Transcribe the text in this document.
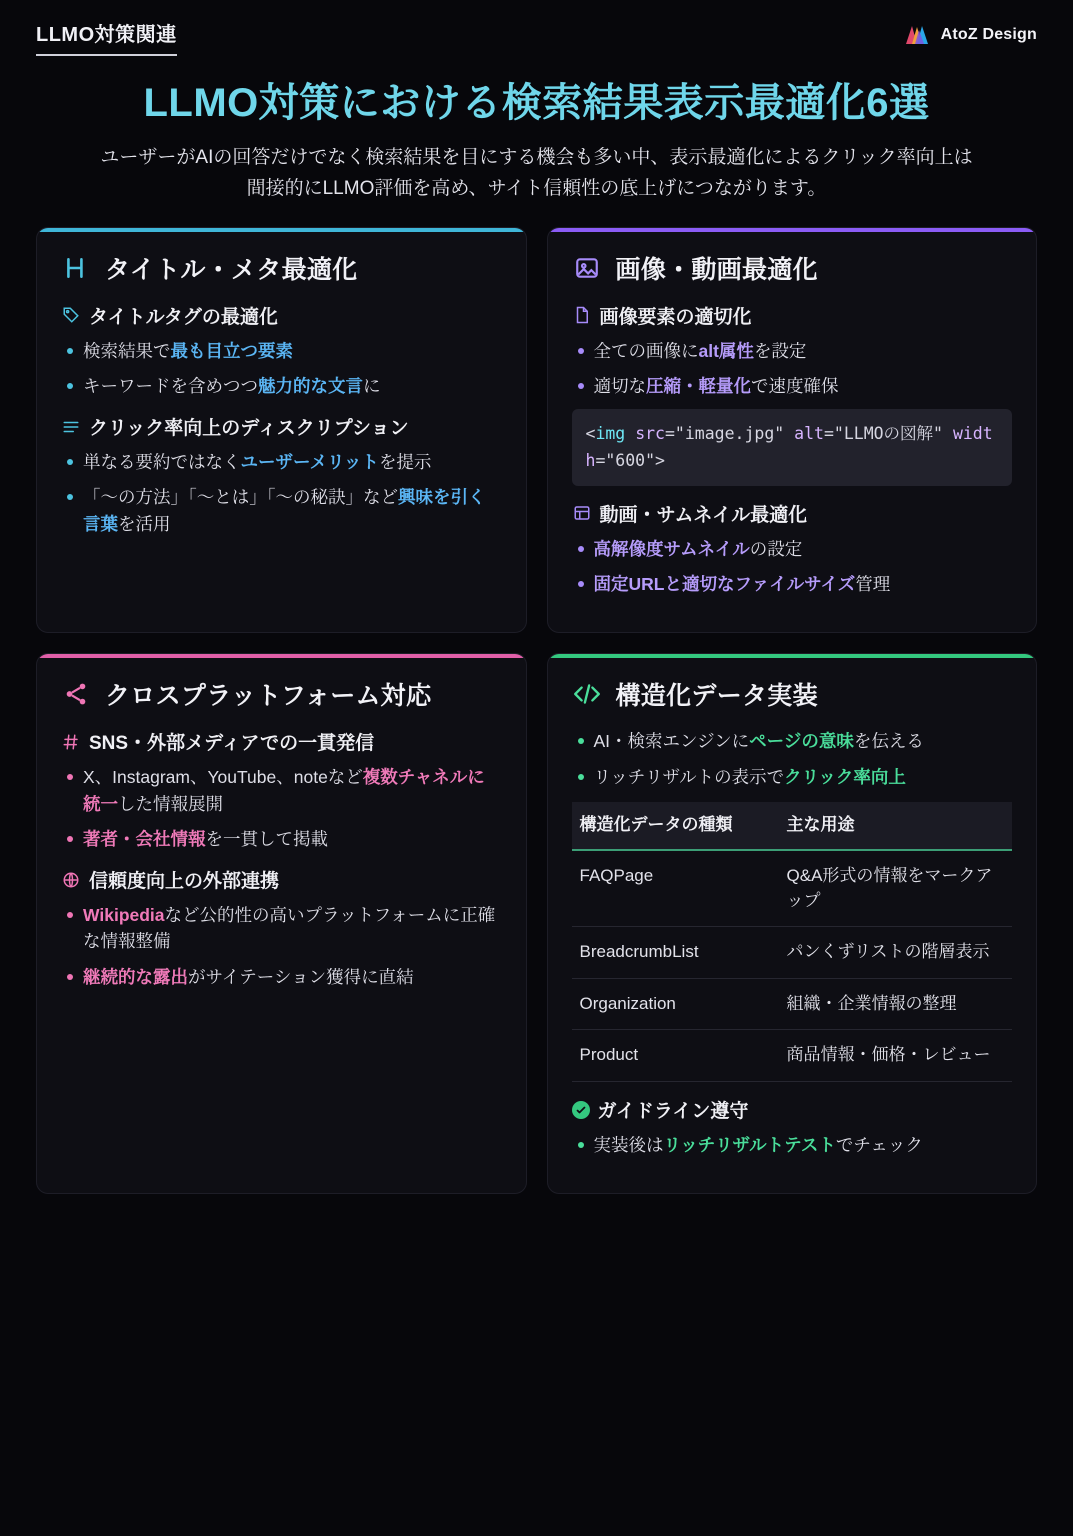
LLMO対策関連	AtoZ Design
LLMO対策における検索結果表示最適化6選
ユーザーがAIの回答だけでなく検索結果を目にする機会も多い中、表示最適化によるクリック率向上は
間接的にLLMO評価を高め、サイト信頼性の底上げにつながります。
タイトル・メタ最適化
タイトルタグの最適化
検索結果で最も目立つ要素
キーワードを含めつつ魅力的な文言に
クリック率向上のディスクリプション
単なる要約ではなくユーザーメリットを提示
「〜の方法」「〜とは」「〜の秘訣」など興味を引く言葉を活用
画像・動画最適化
画像要素の適切化
全ての画像にalt属性を設定
適切な圧縮・軽量化で速度確保
<img src="image.jpg" alt="LLMOの図解" width="600">
動画・サムネイル最適化
高解像度サムネイルの設定
固定URLと適切なファイルサイズ管理
クロスプラットフォーム対応
SNS・外部メディアでの一貫発信
X、Instagram、YouTube、noteなど複数チャネルに統一した情報展開
著者・会社情報を一貫して掲載
信頼度向上の外部連携
Wikipediaなど公的性の高いプラットフォームに正確な情報整備
継続的な露出がサイテーション獲得に直結
構造化データ実装
AI・検索エンジンにページの意味を伝える
リッチリザルトの表示でクリック率向上
構造化データの種類	主な用途
FAQPage	Q&A形式の情報をマークアップ
BreadcrumbList	パンくずリストの階層表示
Organization	組織・企業情報の整理
Product	商品情報・価格・レビュー
ガイドライン遵守
実装後はリッチリザルトテストでチェック
